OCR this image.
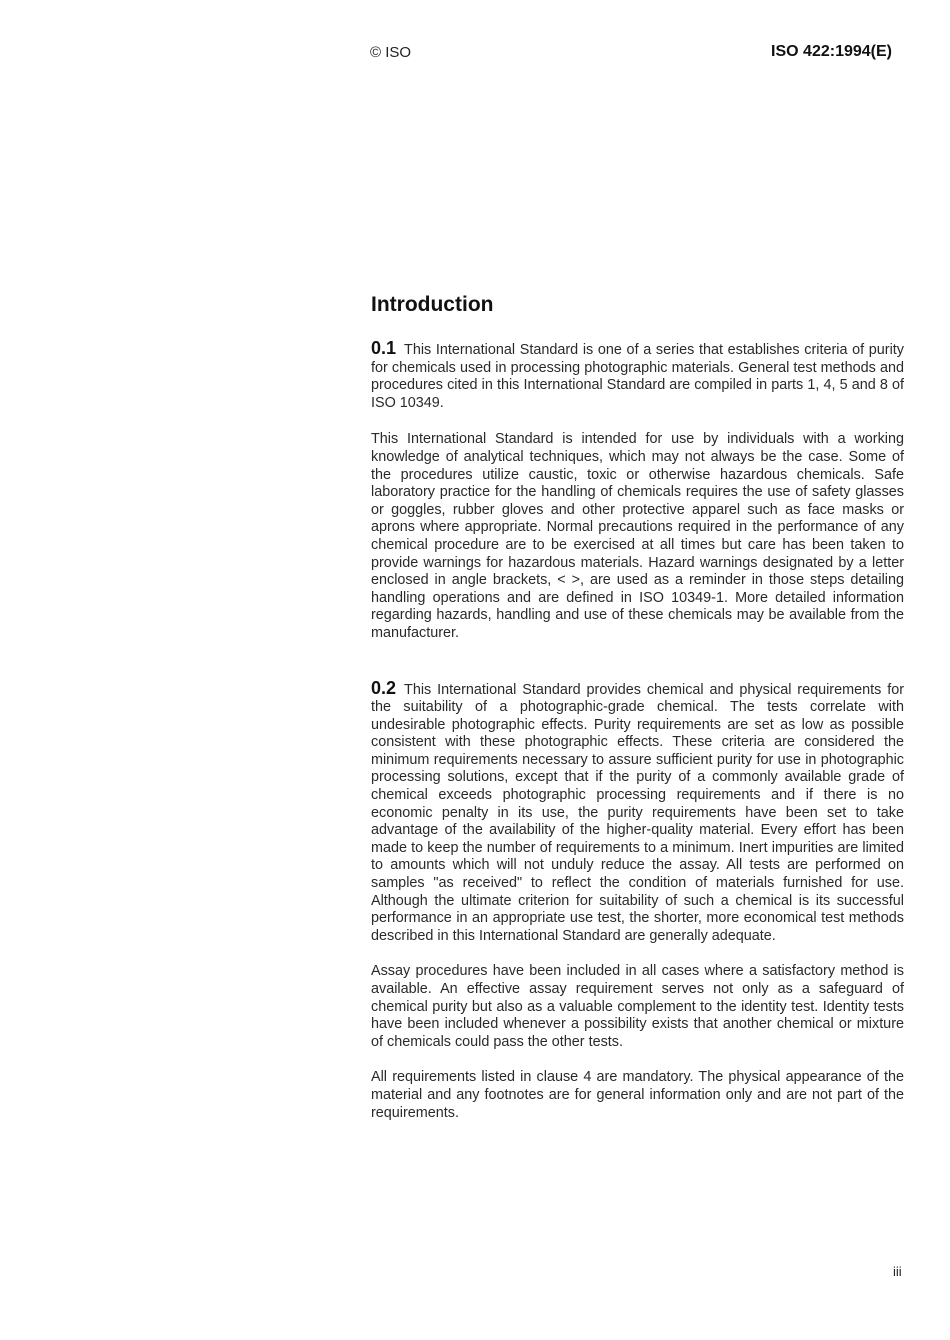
© ISO	ISO 422:1994(E)
Introduction

0.1 This International Standard is one of a series that establishes criteria of purity for chemicals used in processing photographic materials. General test methods and procedures cited in this International Standard are compiled in parts 1, 4, 5 and 8 of ISO 10349.

This International Standard is intended for use by individuals with a working knowledge of analytical techniques, which may not always be the case. Some of the procedures utilize caustic, toxic or otherwise hazardous chemicals. Safe laboratory practice for the handling of chemicals requires the use of safety glasses or goggles, rubber gloves and other protective apparel such as face masks or aprons where appropriate. Normal precautions required in the performance of any chemical procedure are to be exercised at all times but care has been taken to provide warnings for hazardous materials. Hazard warnings designated by a letter enclosed in angle brackets, < >, are used as a reminder in those steps detailing handling operations and are defined in ISO 10349-1. More detailed information regarding hazards, handling and use of these chemicals may be available from the manufacturer.

0.2 This International Standard provides chemical and physical requirements for the suitability of a photographic-grade chemical. The tests correlate with undesirable photographic effects. Purity requirements are set as low as possible consistent with these photographic effects. These criteria are considered the minimum requirements necessary to assure sufficient purity for use in photographic processing solutions, except that if the purity of a commonly available grade of chemical exceeds photographic processing requirements and if there is no economic penalty in its use, the purity requirements have been set to take advantage of the availability of the higher-quality material. Every effort has been made to keep the number of requirements to a minimum. Inert impurities are limited to amounts which will not unduly reduce the assay. All tests are performed on samples "as received" to reflect the condition of materials furnished for use. Although the ultimate criterion for suitability of such a chemical is its successful performance in an appropriate use test, the shorter, more economical test methods described in this International Standard are generally adequate.

Assay procedures have been included in all cases where a satisfactory method is available. An effective assay requirement serves not only as a safeguard of chemical purity but also as a valuable complement to the identity test. Identity tests have been included whenever a possibility exists that another chemical or mixture of chemicals could pass the other tests.

All requirements listed in clause 4 are mandatory. The physical appearance of the material and any footnotes are for general information only and are not part of the requirements.

iii
